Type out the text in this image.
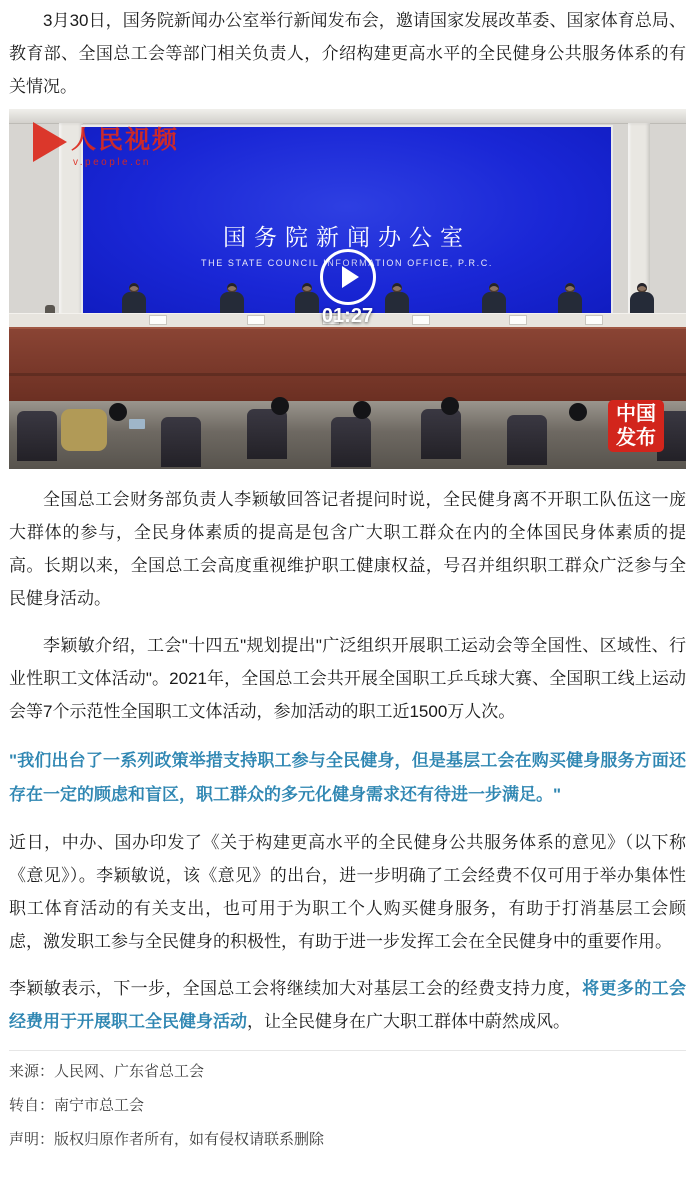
3月30日，国务院新闻办公室举行新闻发布会，邀请国家发展改革委、国家体育总局、教育部、全国总工会等部门相关负责人，介绍构建更高水平的全民健身公共服务体系的有关情况。

国务院新闻办公室
THE STATE COUNCIL INFORMATION OFFICE, P.R.C.
人民视频
v.people.cn
01:27
中国
发布

全国总工会财务部负责人李颖敏回答记者提问时说，全民健身离不开职工队伍这一庞大群体的参与，全民身体素质的提高是包含广大职工群众在内的全体国民身体素质的提高。长期以来，全国总工会高度重视维护职工健康权益，号召并组织职工群众广泛参与全民健身活动。

李颖敏介绍，工会"十四五"规划提出"广泛组织开展职工运动会等全国性、区域性、行业性职工文体活动"。2021年，全国总工会共开展全国职工乒乓球大赛、全国职工线上运动会等7个示范性全国职工文体活动，参加活动的职工近1500万人次。

"我们出台了一系列政策举措支持职工参与全民健身，但是基层工会在购买健身服务方面还存在一定的顾虑和盲区，职工群众的多元化健身需求还有待进一步满足。"

近日，中办、国办印发了《关于构建更高水平的全民健身公共服务体系的意见》（以下称《意见》）。李颖敏说，该《意见》的出台，进一步明确了工会经费不仅可用于举办集体性职工体育活动的有关支出，也可用于为职工个人购买健身服务，有助于打消基层工会顾虑，激发职工参与全民健身的积极性，有助于进一步发挥工会在全民健身中的重要作用。

李颖敏表示，下一步，全国总工会将继续加大对基层工会的经费支持力度，将更多的工会经费用于开展职工全民健身活动，让全民健身在广大职工群体中蔚然成风。

来源：人民网、广东省总工会
转自：南宁市总工会
声明：版权归原作者所有，如有侵权请联系删除
